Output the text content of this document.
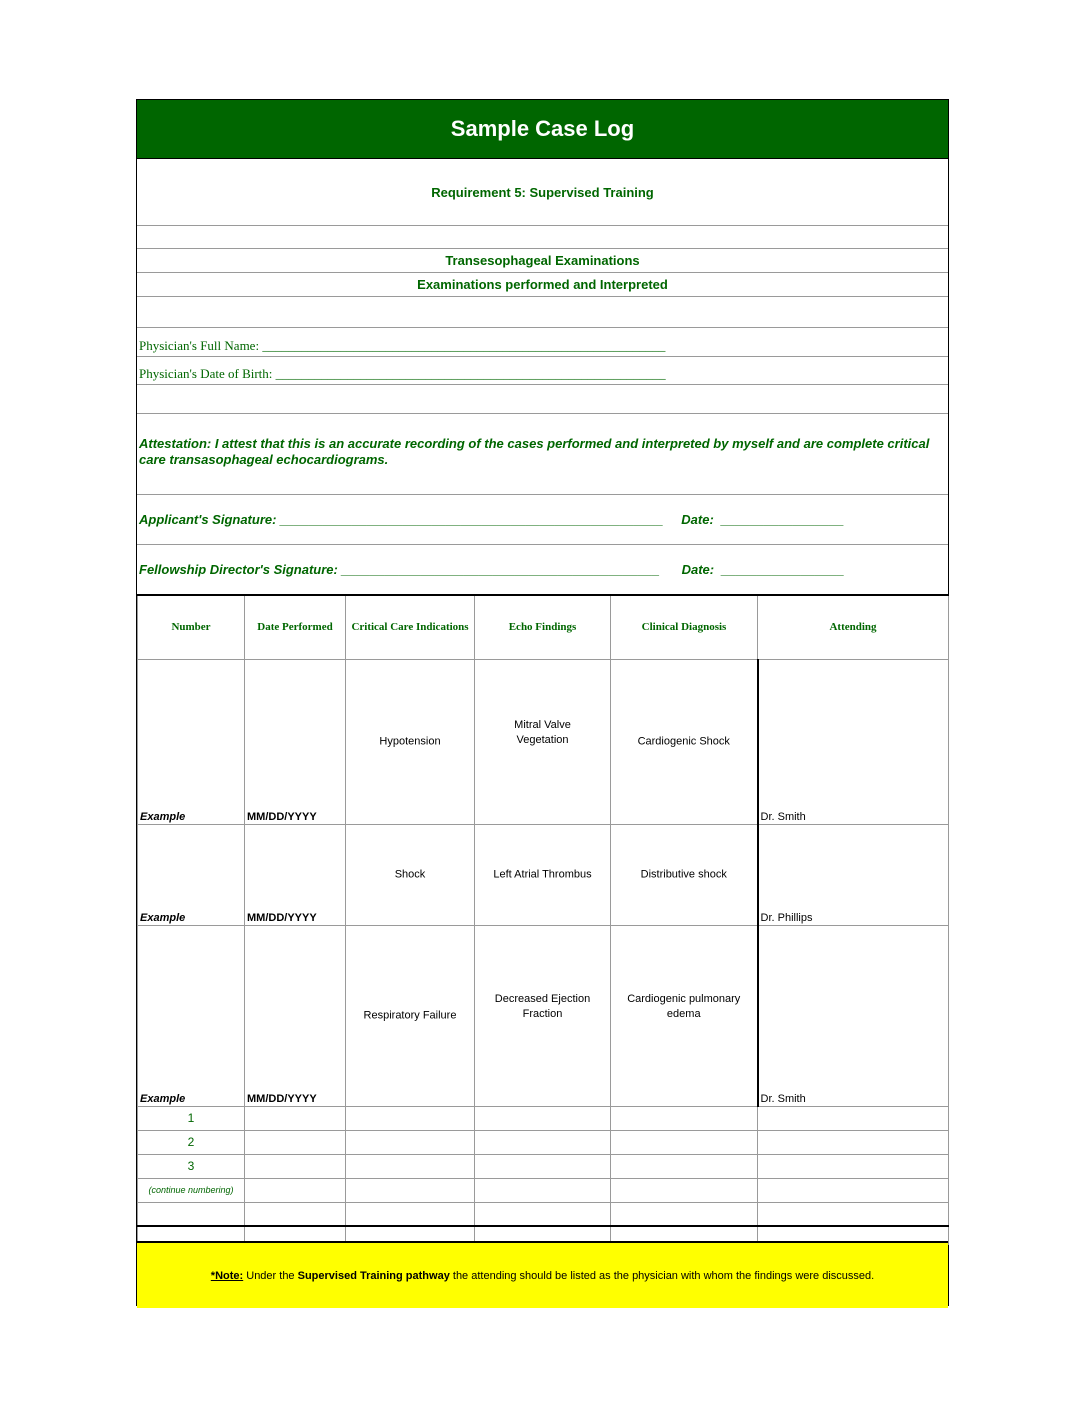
Sample Case Log
Requirement 5: Supervised Training
Transesophageal Examinations
Examinations performed and Interpreted
Physician's Full Name:
______________________________________________________________
Physician's Date of Birth:
____________________________________________________________
Attestation: I attest that this is an accurate recording of the cases performed and interpreted by myself and are complete critical care transasophageal echocardiograms.
Applicant's Signature:
_____________________________________________________ Date:
_________________
Fellowship Director's Signature:
____________________________________________ Date:
_________________
Number	Date Performed	Critical Care Indications	Echo Findings	Clinical Diagnosis	Attending

Example	MM/DD/YYYY	Hypotension	Mitral Valve Vegetation	Cardiogenic Shock	Dr. Smith

Example	MM/DD/YYYY	Shock	Left Atrial Thrombus	Distributive shock	Dr. Phillips

Example	MM/DD/YYYY	Respiratory Failure	Decreased Ejection Fraction	Cardiogenic pulmonary edema	Dr. Smith

1					
2					
3					
(continue numbering)					

*Note: Under the Supervised Training pathway the attending should be listed as the physician with whom the findings were discussed.
